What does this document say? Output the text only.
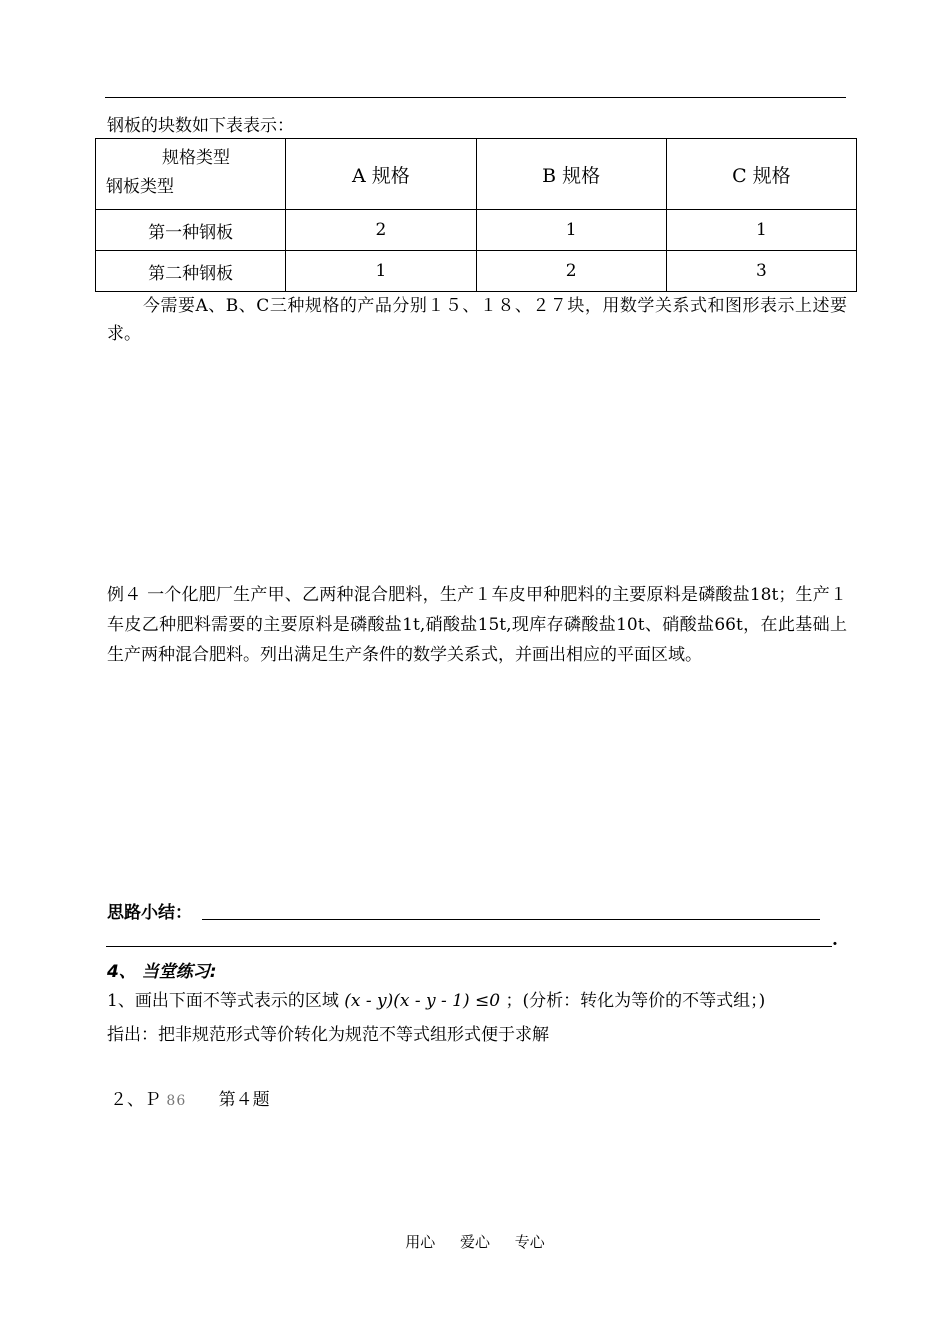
钢板的块数如下表表示：
规格类型
钢板类型	A 规格	B 规格	C 规格
第一种钢板	2	1	1
第二种钢板	1	2	3
今需要A、B、C三种规格的产品分别１５、１８、２７块，用数学关系式和图形表示上述要求。
例４ 一个化肥厂生产甲、乙两种混合肥料，生产１车皮甲种肥料的主要原料是磷酸盐18t；生产１车皮乙种肥料需要的主要原料是磷酸盐1t,硝酸盐15t,现库存磷酸盐10t、硝酸盐66t，在此基础上生产两种混合肥料。列出满足生产条件的数学关系式，并画出相应的平面区域。
思路小结：
.
4、 当堂练习:
1、画出下面不等式表示的区域 (x - y)(x - y - 1) ≤0 ；(分析：转化为等价的不等式组；)
指出：把非规范形式等价转化为规范不等式组形式便于求解
２、Ｐ 86 第４题
用心 爱心 专心
